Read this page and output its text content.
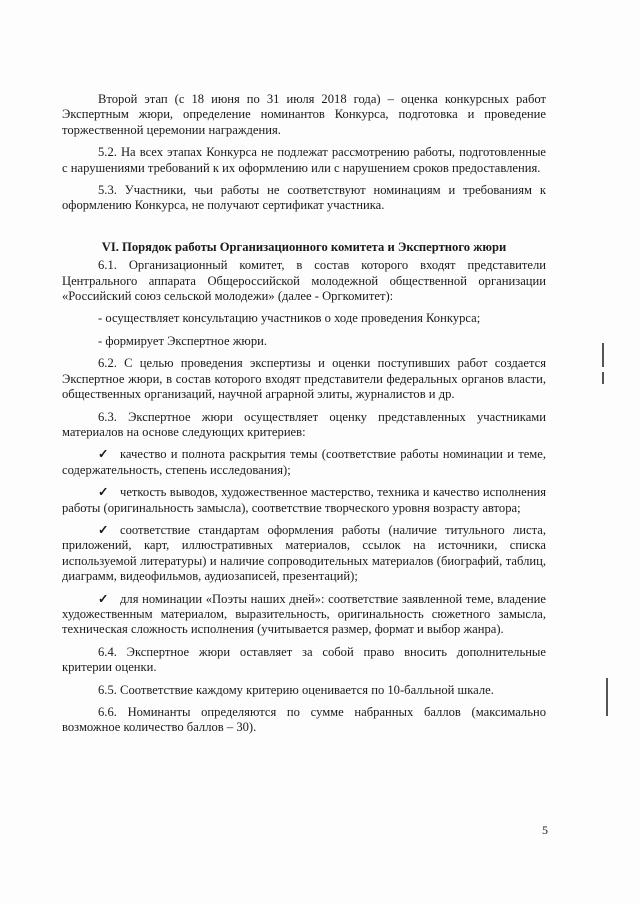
Второй этап (с 18 июня по 31 июля 2018 года) – оценка конкурсных работ Экспертным жюри, определение номинантов Конкурса, подготовка и проведение торжественной церемонии награждения.

5.2. На всех этапах Конкурса не подлежат рассмотрению работы, подготовленные с нарушениями требований к их оформлению или с нарушением сроков предоставления.

5.3. Участники, чьи работы не соответствуют номинациям и требованиям к оформлению Конкурса, не получают сертификат участника.

VI. Порядок работы Организационного комитета и Экспертного жюри

6.1. Организационный комитет, в состав которого входят представители Центрального аппарата Общероссийской молодежной общественной организации «Российский союз сельской молодежи» (далее - Оргкомитет):

- осуществляет консультацию участников о ходе проведения Конкурса;

- формирует Экспертное жюри.

6.2. С целью проведения экспертизы и оценки поступивших работ создается Экспертное жюри, в состав которого входят представители федеральных органов власти, общественных организаций, научной аграрной элиты, журналистов и др.

6.3. Экспертное жюри осуществляет оценку представленных участниками материалов на основе следующих критериев:

✓ качество и полнота раскрытия темы (соответствие работы номинации и теме, содержательность, степень исследования);

✓ четкость выводов, художественное мастерство, техника и качество исполнения работы (оригинальность замысла), соответствие творческого уровня возрасту автора;

✓ соответствие стандартам оформления работы (наличие титульного листа, приложений, карт, иллюстративных материалов, ссылок на источники, списка используемой литературы) и наличие сопроводительных материалов (биографий, таблиц, диаграмм, видеофильмов, аудиозаписей, презентаций);

✓ для номинации «Поэты наших дней»: соответствие заявленной теме, владение художественным материалом, выразительность, оригинальность сюжетного замысла, техническая сложность исполнения (учитывается размер, формат и выбор жанра).

6.4. Экспертное жюри оставляет за собой право вносить дополнительные критерии оценки.

6.5. Соответствие каждому критерию оценивается по 10-балльной шкале.

6.6. Номинанты определяются по сумме набранных баллов (максимально возможное количество баллов – 30).

5
